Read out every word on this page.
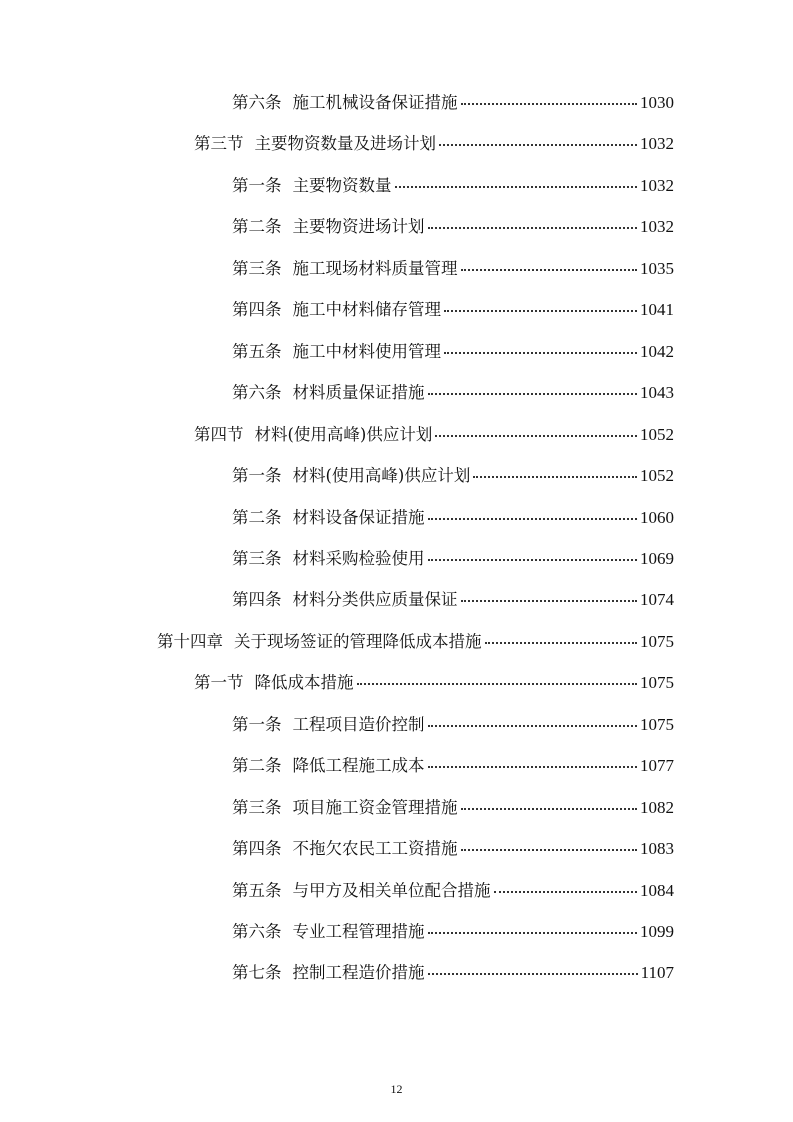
第六条 施工机械设备保证措施	1030
第三节 主要物资数量及进场计划	1032
第一条 主要物资数量	1032
第二条 主要物资进场计划	1032
第三条 施工现场材料质量管理	1035
第四条 施工中材料储存管理	1041
第五条 施工中材料使用管理	1042
第六条 材料质量保证措施	1043
第四节 材料(使用高峰)供应计划	1052
第一条 材料(使用高峰)供应计划	1052
第二条 材料设备保证措施	1060
第三条 材料采购检验使用	1069
第四条 材料分类供应质量保证	1074
第十四章 关于现场签证的管理降低成本措施	1075
第一节 降低成本措施	1075
第一条 工程项目造价控制	1075
第二条 降低工程施工成本	1077
第三条 项目施工资金管理措施	1082
第四条 不拖欠农民工工资措施	1083
第五条 与甲方及相关单位配合措施	1084
第六条 专业工程管理措施	1099
第七条 控制工程造价措施	1107
12
